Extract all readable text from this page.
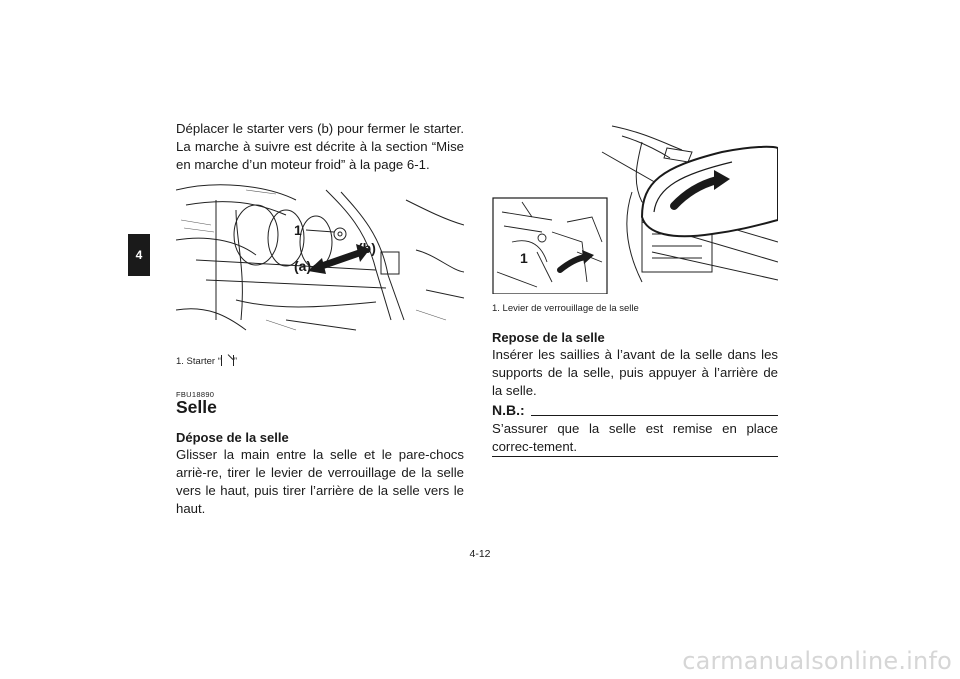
4

Déplacer le starter vers (b) pour fermer le starter. La marche à suivre est décrite à la section “Mise en marche d’un moteur froid” à la page 6-1.

1
(a)
(b)
1. Starter “ ”
FBU18890
Selle
Dépose de la selle

Glisser la main entre la selle et le pare-chocs arriè-re, tirer le levier de verrouillage de la selle vers le haut, puis tirer l’arrière de la selle vers le haut.

1
1. Levier de verrouillage de la selle
Repose de la selle

Insérer les saillies à l’avant de la selle dans les supports de la selle, puis appuyer à l’arrière de la selle.

N.B.:

S’assurer que la selle est remise en place correc-tement.

4-12
carmanualsonline.info
